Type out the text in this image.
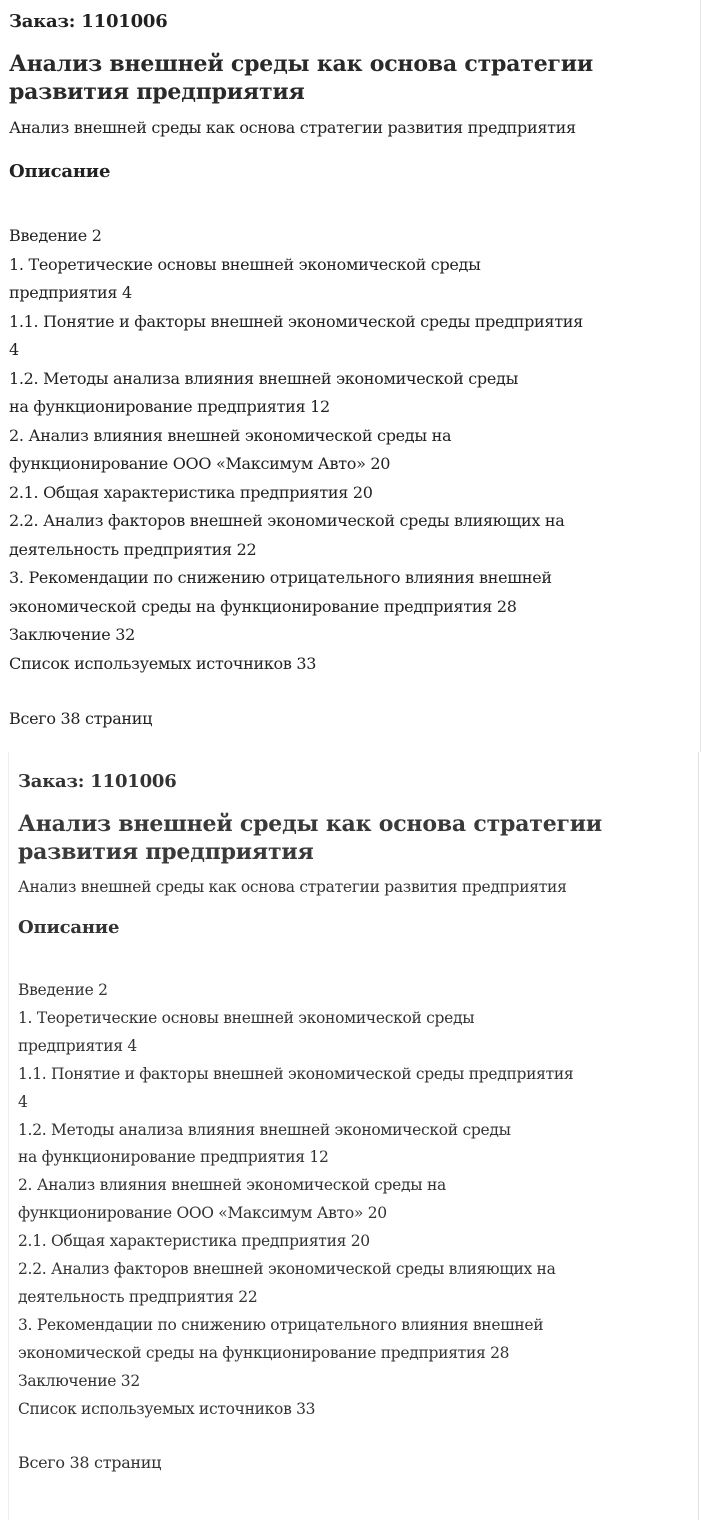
Заказ: 1101006
Анализ внешней среды как основа стратегии
развития предприятия
Анализ внешней среды как основа стратегии развития предприятия
Описание
Введение 2
1. Теоретические основы внешней экономической среды
предприятия 4
1.1. Понятие и факторы внешней экономической среды предприятия
4
1.2. Методы анализа влияния внешней экономической среды
на функционирование предприятия 12
2. Анализ влияния внешней экономической среды на
функционирование ООО «Максимум Авто» 20
2.1. Общая характеристика предприятия 20
2.2. Анализ факторов внешней экономической среды влияющих на
деятельность предприятия 22
3. Рекомендации по снижению отрицательного влияния внешней
экономической среды на функционирование предприятия 28
Заключение 32
Список используемых источников 33
Всего 38 страниц
Заказ: 1101006
Анализ внешней среды как основа стратегии
развития предприятия
Анализ внешней среды как основа стратегии развития предприятия
Описание
Введение 2
1. Теоретические основы внешней экономической среды
предприятия 4
1.1. Понятие и факторы внешней экономической среды предприятия
4
1.2. Методы анализа влияния внешней экономической среды
на функционирование предприятия 12
2. Анализ влияния внешней экономической среды на
функционирование ООО «Максимум Авто» 20
2.1. Общая характеристика предприятия 20
2.2. Анализ факторов внешней экономической среды влияющих на
деятельность предприятия 22
3. Рекомендации по снижению отрицательного влияния внешней
экономической среды на функционирование предприятия 28
Заключение 32
Список используемых источников 33
Всего 38 страниц
